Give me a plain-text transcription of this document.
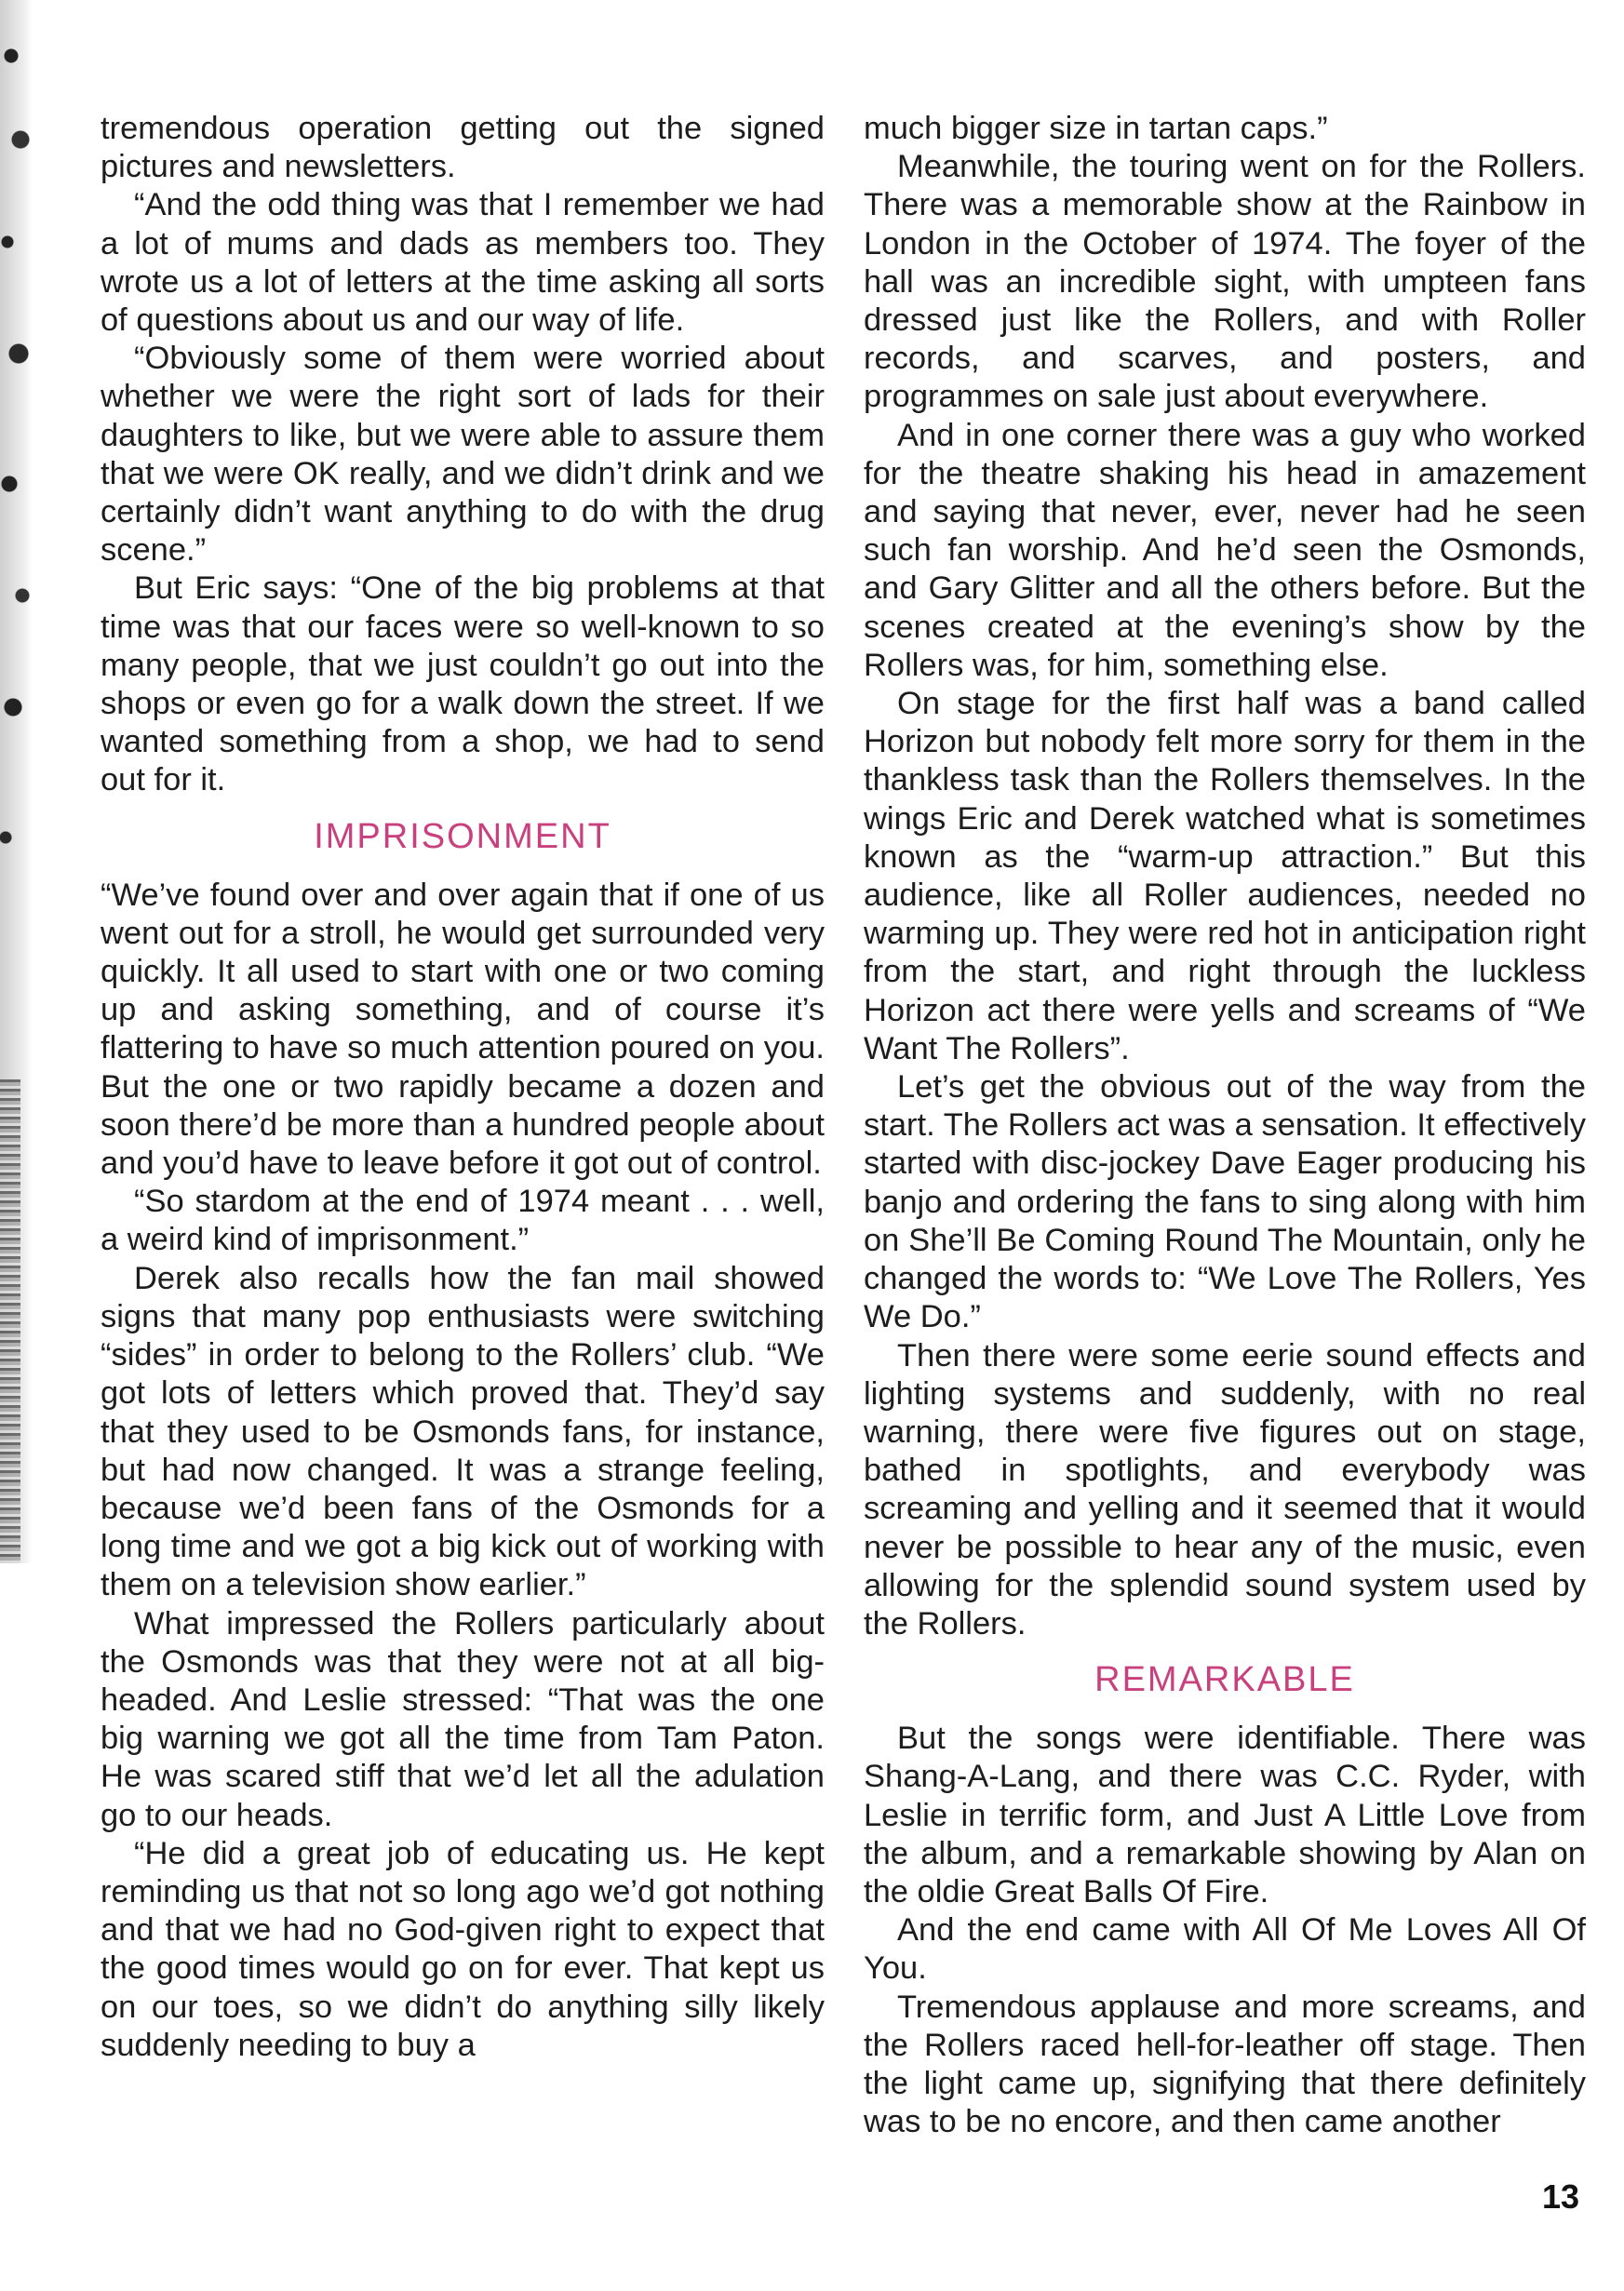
tremendous operation getting out the signed pictures and newsletters.

“And the odd thing was that I remember we had a lot of mums and dads as members too. They wrote us a lot of letters at the time asking all sorts of questions about us and our way of life.

“Obviously some of them were worried about whether we were the right sort of lads for their daughters to like, but we were able to assure them that we were OK really, and we didn’t drink and we certainly didn’t want anything to do with the drug scene.”

But Eric says: “One of the big problems at that time was that our faces were so well-known to so many people, that we just couldn’t go out into the shops or even go for a walk down the street. If we wanted something from a shop, we had to send out for it.

IMPRISONMENT

“We’ve found over and over again that if one of us went out for a stroll, he would get surrounded very quickly. It all used to start with one or two coming up and asking something, and of course it’s flattering to have so much attention poured on you. But the one or two rapidly became a dozen and soon there’d be more than a hundred people about and you’d have to leave before it got out of control.

“So stardom at the end of 1974 meant . . . well, a weird kind of imprisonment.”

Derek also recalls how the fan mail showed signs that many pop enthusiasts were switching “sides” in order to belong to the Rollers’ club. “We got lots of letters which proved that. They’d say that they used to be Osmonds fans, for instance, but had now changed. It was a strange feeling, because we’d been fans of the Osmonds for a long time and we got a big kick out of working with them on a television show earlier.”

What impressed the Rollers particularly about the Osmonds was that they were not at all big-headed. And Leslie stressed: “That was the one big warning we got all the time from Tam Paton. He was scared stiff that we’d let all the adulation go to our heads.

“He did a great job of educating us. He kept reminding us that not so long ago we’d got nothing and that we had no God-given right to expect that the good times would go on for ever. That kept us on our toes, so we didn’t do anything silly likely suddenly needing to buy a

much bigger size in tartan caps.”

Meanwhile, the touring went on for the Rollers. There was a memorable show at the Rainbow in London in the October of 1974. The foyer of the hall was an incredible sight, with umpteen fans dressed just like the Rollers, and with Roller records, and scarves, and posters, and programmes on sale just about everywhere.

And in one corner there was a guy who worked for the theatre shaking his head in amazement and saying that never, ever, never had he seen such fan worship. And he’d seen the Osmonds, and Gary Glitter and all the others before. But the scenes created at the evening’s show by the Rollers was, for him, something else.

On stage for the first half was a band called Horizon but nobody felt more sorry for them in the thankless task than the Rollers themselves. In the wings Eric and Derek watched what is sometimes known as the “warm-up attraction.” But this audience, like all Roller audiences, needed no warming up. They were red hot in anticipation right from the start, and right through the luckless Horizon act there were yells and screams of “We Want The Rollers”.

Let’s get the obvious out of the way from the start. The Rollers act was a sensation. It effectively started with disc-jockey Dave Eager producing his banjo and ordering the fans to sing along with him on She’ll Be Coming Round The Mountain, only he changed the words to: “We Love The Rollers, Yes We Do.”

Then there were some eerie sound effects and lighting systems and suddenly, with no real warning, there were five figures out on stage, bathed in spotlights, and everybody was screaming and yelling and it seemed that it would never be possible to hear any of the music, even allowing for the splendid sound system used by the Rollers.

REMARKABLE

But the songs were identifiable. There was Shang-A-Lang, and there was C.C. Ryder, with Leslie in terrific form, and Just A Little Love from the album, and a remarkable showing by Alan on the oldie Great Balls Of Fire.

And the end came with All Of Me Loves All Of You.

Tremendous applause and more screams, and the Rollers raced hell-for-leather off stage. Then the light came up, signifying that there definitely was to be no encore, and then came another

13
